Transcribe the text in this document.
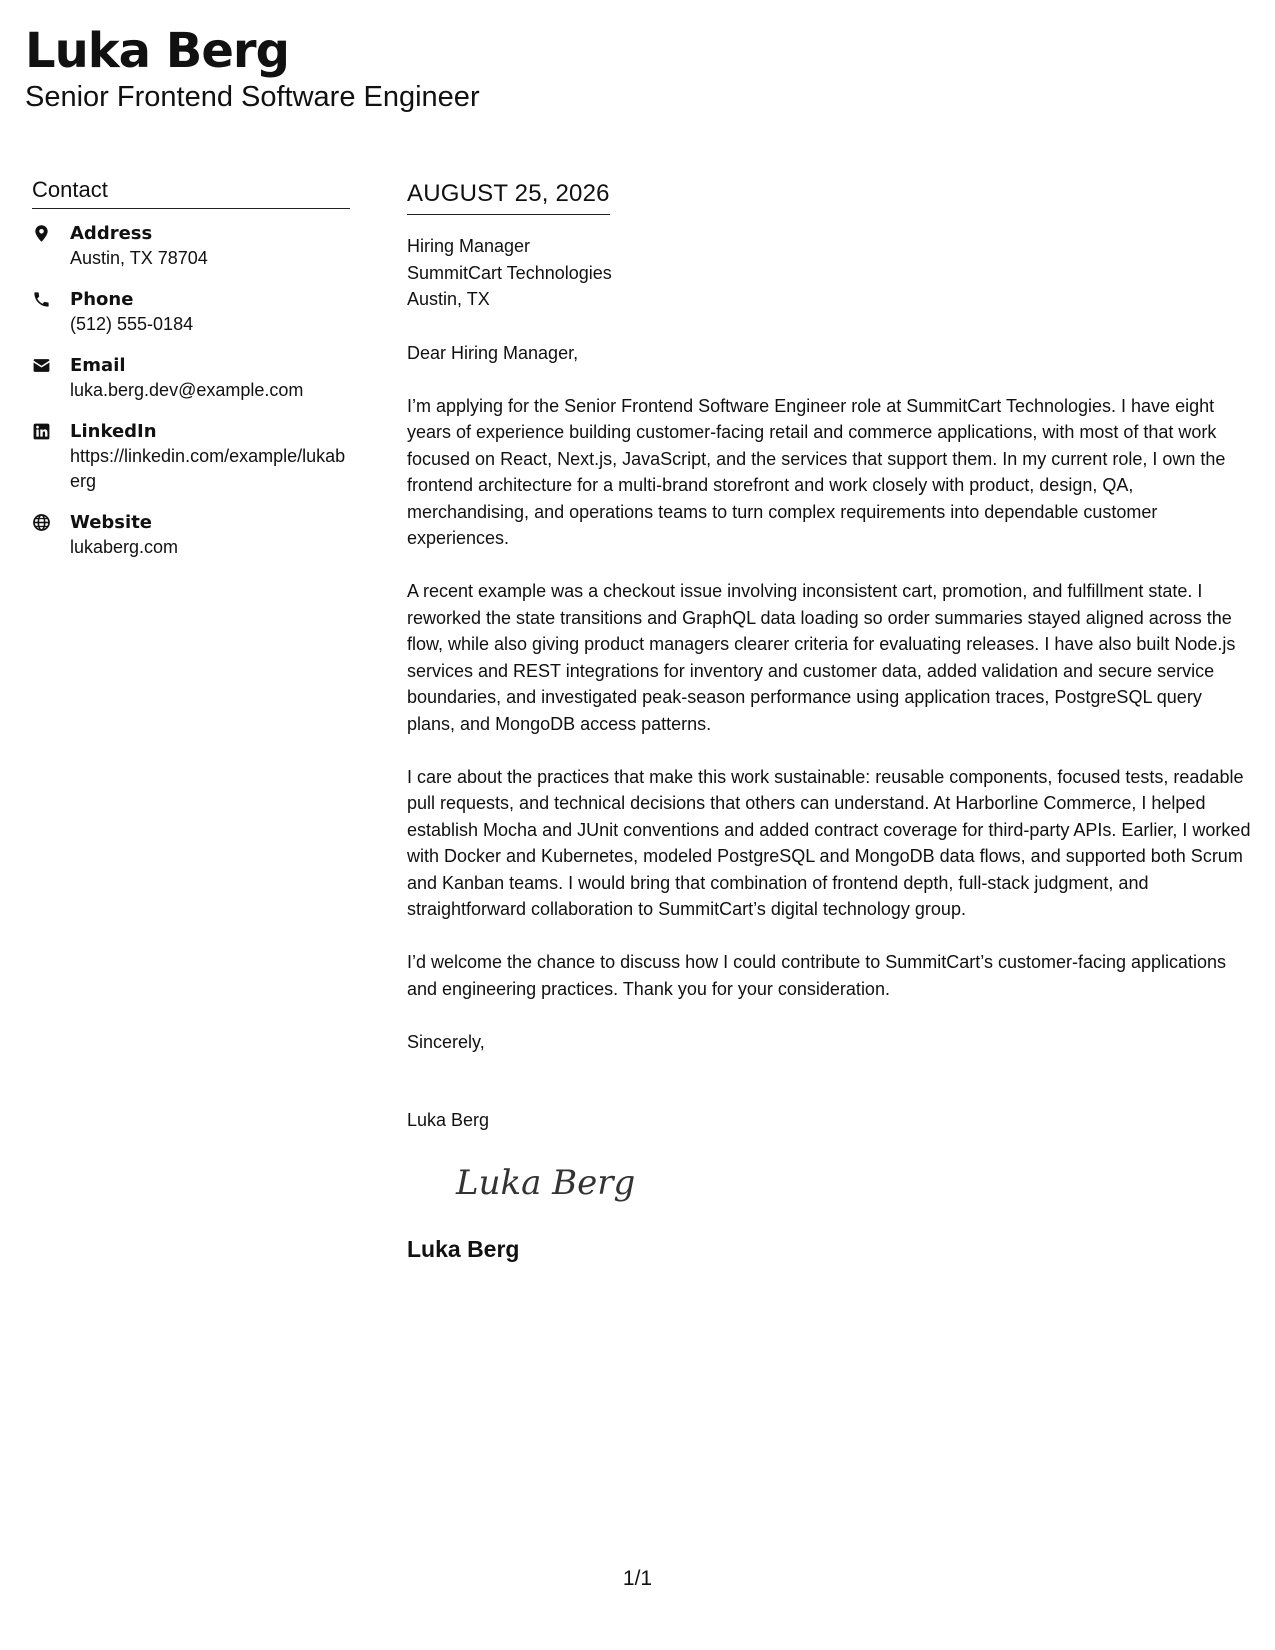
Luka Berg
Senior Frontend Software Engineer
Contact
Address
Austin, TX 78704
Phone
(512) 555-0184
Email
luka.berg.dev@example.com
LinkedIn
https://linkedin.com/example/lukaberg
Website
lukaberg.com
AUGUST 25, 2026
Hiring Manager
SummitCart Technologies
Austin, TX
Dear Hiring Manager,
I’m applying for the Senior Frontend Software Engineer role at SummitCart Technologies. I have eight years of experience building customer-facing retail and commerce applications, with most of that work focused on React, Next.js, JavaScript, and the services that support them. In my current role, I own the frontend architecture for a multi-brand storefront and work closely with product, design, QA, merchandising, and operations teams to turn complex requirements into dependable customer experiences.
A recent example was a checkout issue involving inconsistent cart, promotion, and fulfillment state. I reworked the state transitions and GraphQL data loading so order summaries stayed aligned across the flow, while also giving product managers clearer criteria for evaluating releases. I have also built Node.js services and REST integrations for inventory and customer data, added validation and secure service boundaries, and investigated peak-season performance using application traces, PostgreSQL query plans, and MongoDB access patterns.
I care about the practices that make this work sustainable: reusable components, focused tests, readable pull requests, and technical decisions that others can understand. At Harborline Commerce, I helped establish Mocha and JUnit conventions and added contract coverage for third-party APIs. Earlier, I worked with Docker and Kubernetes, modeled PostgreSQL and MongoDB data flows, and supported both Scrum and Kanban teams. I would bring that combination of frontend depth, full-stack judgment, and straightforward collaboration to SummitCart’s digital technology group.
I’d welcome the chance to discuss how I could contribute to SummitCart’s customer-facing applications and engineering practices. Thank you for your consideration.
Sincerely,
Luka Berg
Luka Berg
Luka Berg
1/1
